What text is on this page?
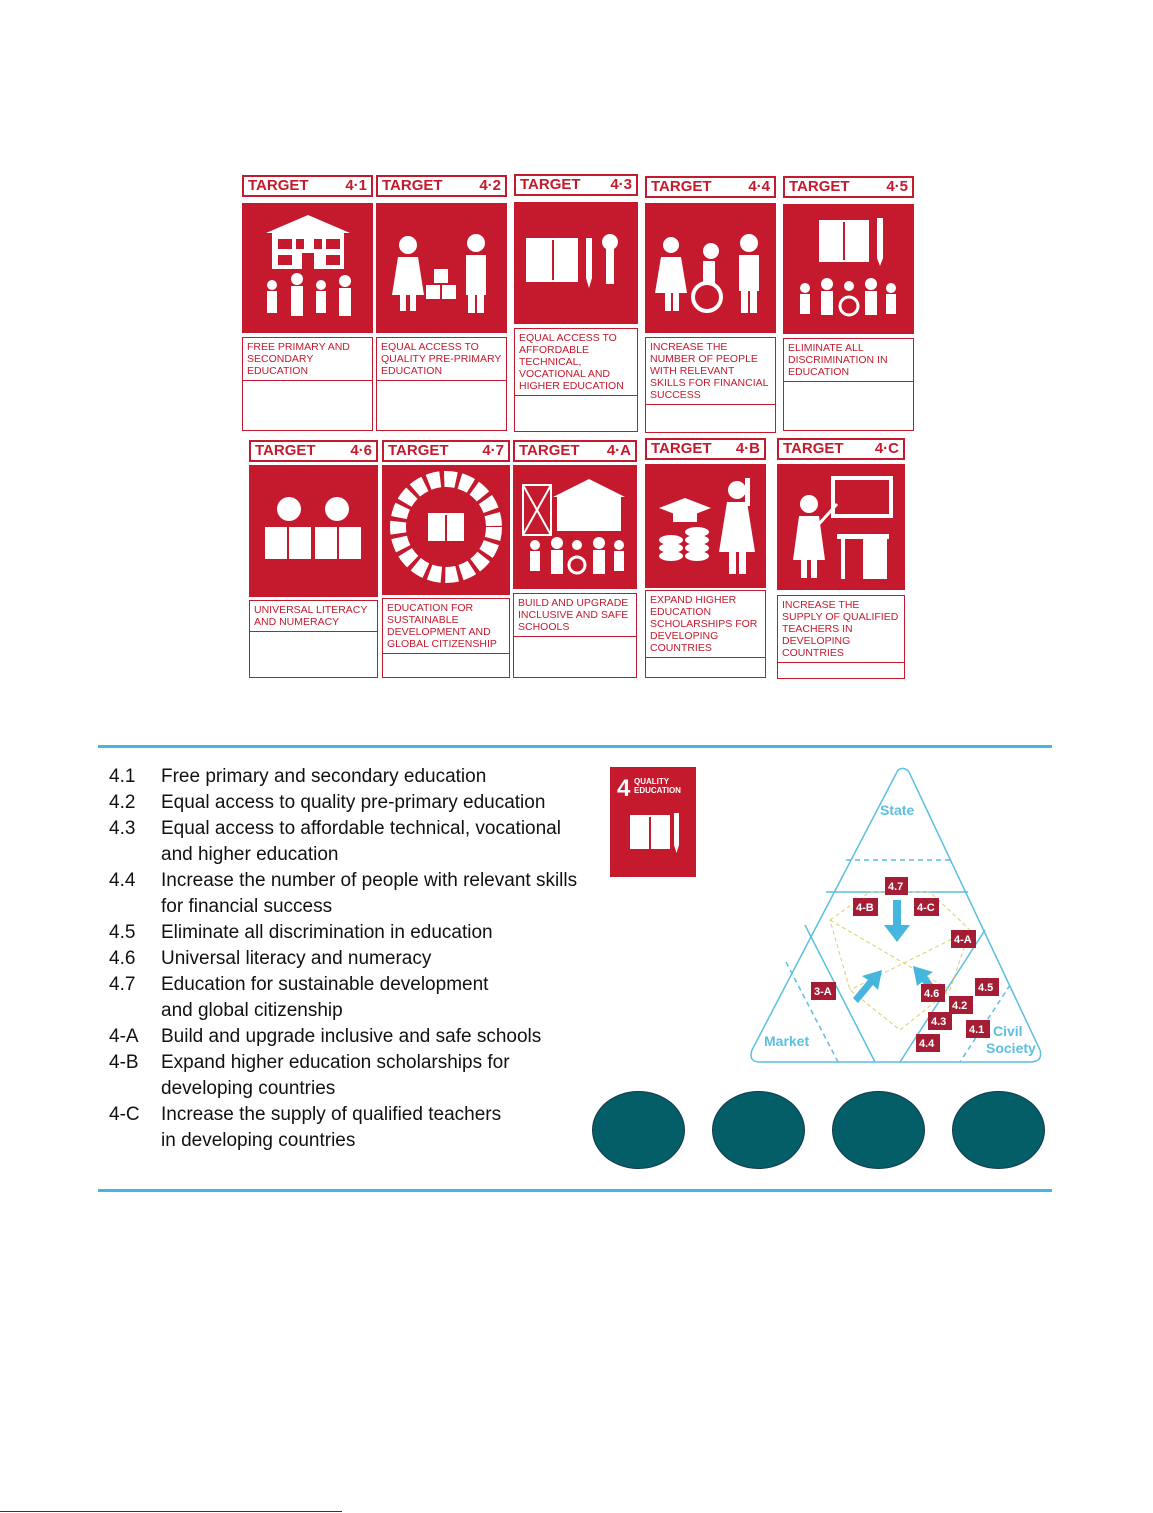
TARGET 4·1
FREE PRIMARY AND SECONDARY EDUCATION
TARGET 4·2
EQUAL ACCESS TO QUALITY PRE-PRIMARY EDUCATION
TARGET 4·3
EQUAL ACCESS TO AFFORDABLE TECHNICAL, VOCATIONAL AND HIGHER EDUCATION
TARGET 4·4
INCREASE THE NUMBER OF PEOPLE WITH RELEVANT SKILLS FOR FINANCIAL SUCCESS
TARGET 4·5
ELIMINATE ALL DISCRIMINATION IN EDUCATION
TARGET 4·6
UNIVERSAL LITERACY AND NUMERACY
TARGET 4·7
EDUCATION FOR SUSTAINABLE DEVELOPMENT AND GLOBAL CITIZENSHIP
TARGET 4·A
BUILD AND UPGRADE INCLUSIVE AND SAFE SCHOOLS
TARGET 4·B
EXPAND HIGHER EDUCATION SCHOLARSHIPS FOR DEVELOPING COUNTRIES
TARGET 4·C
INCREASE THE SUPPLY OF QUALIFIED TEACHERS IN DEVELOPING COUNTRIES
4.1	Free primary and secondary education
4.2	Equal access to quality pre-primary education
4.3	Equal access to affordable technical, vocational and higher education
4.4	Increase the number of people with relevant skills for financial success
4.5	Eliminate all discrimination in education
4.6	Universal literacy and numeracy
4.7	Education for sustainable development and global citizenship
4-A	Build and upgrade inclusive and safe schools
4-B	Expand higher education scholarships for developing countries
4-C	Increase the supply of qualified teachers in developing countries
4 QUALITY
EDUCATION
State
Market
Civil
Society
4.7
4-B	4-C
4-A
3-A	4.6	4.5
4.2
4.3
4.1
4.4
